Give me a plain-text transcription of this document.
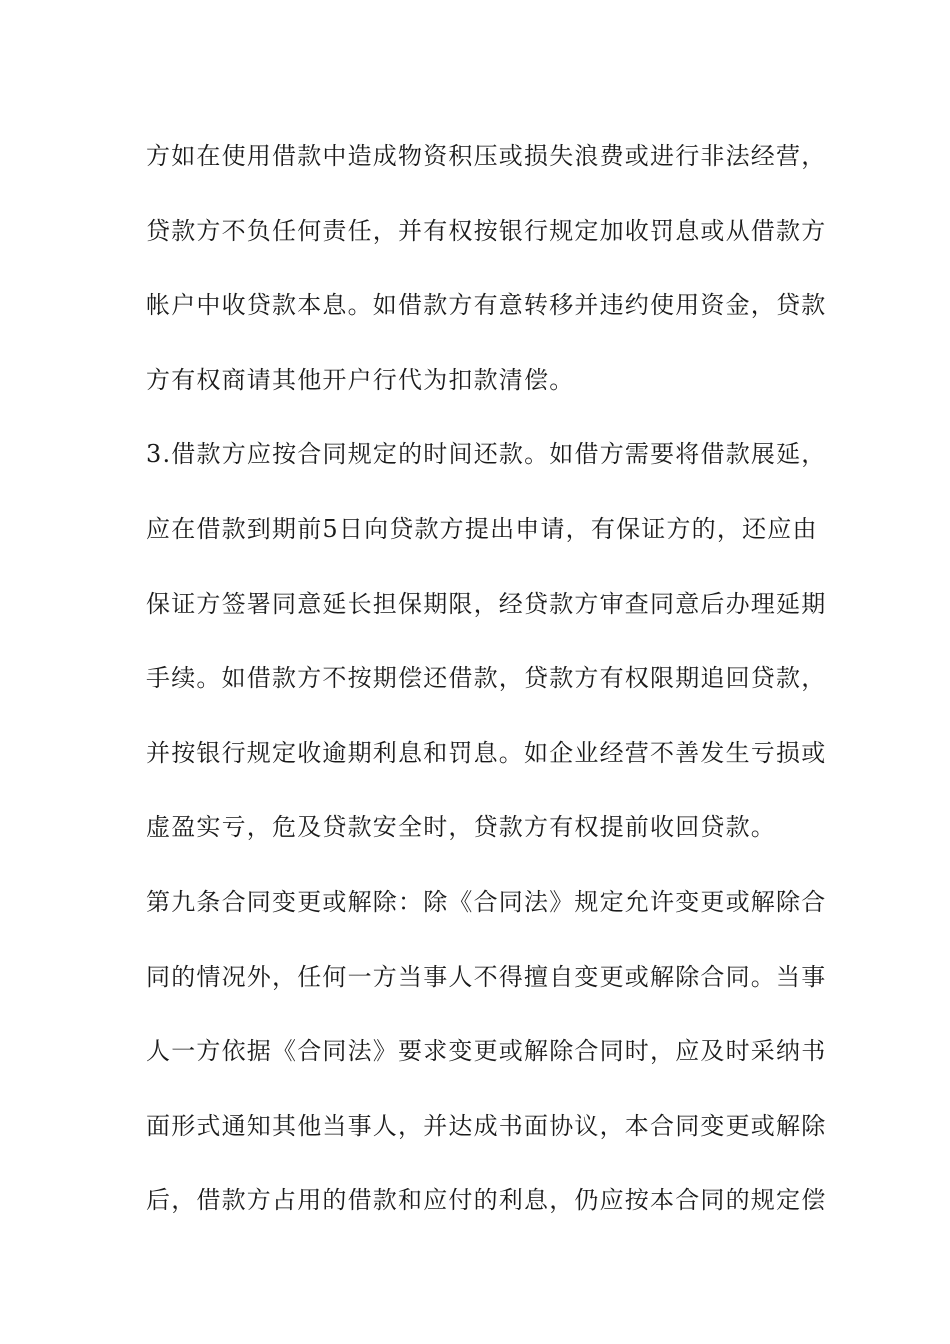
方如在使用借款中造成物资积压或损失浪费或进行非法经营，
贷款方不负任何责任，并有权按银行规定加收罚息或从借款方
帐户中收贷款本息。如借款方有意转移并违约使用资金，贷款
方有权商请其他开户行代为扣款清偿。
3.借款方应按合同规定的时间还款。如借方需要将借款展延，
应在借款到期前5日向贷款方提出申请，有保证方的，还应由
保证方签署同意延长担保期限，经贷款方审查同意后办理延期
手续。如借款方不按期偿还借款，贷款方有权限期追回贷款，
并按银行规定收逾期利息和罚息。如企业经营不善发生亏损或
虚盈实亏，危及贷款安全时，贷款方有权提前收回贷款。
第九条合同变更或解除：除《合同法》规定允许变更或解除合
同的情况外，任何一方当事人不得擅自变更或解除合同。当事
人一方依据《合同法》要求变更或解除合同时，应及时采纳书
面形式通知其他当事人，并达成书面协议，本合同变更或解除
后，借款方占用的借款和应付的利息，仍应按本合同的规定偿
